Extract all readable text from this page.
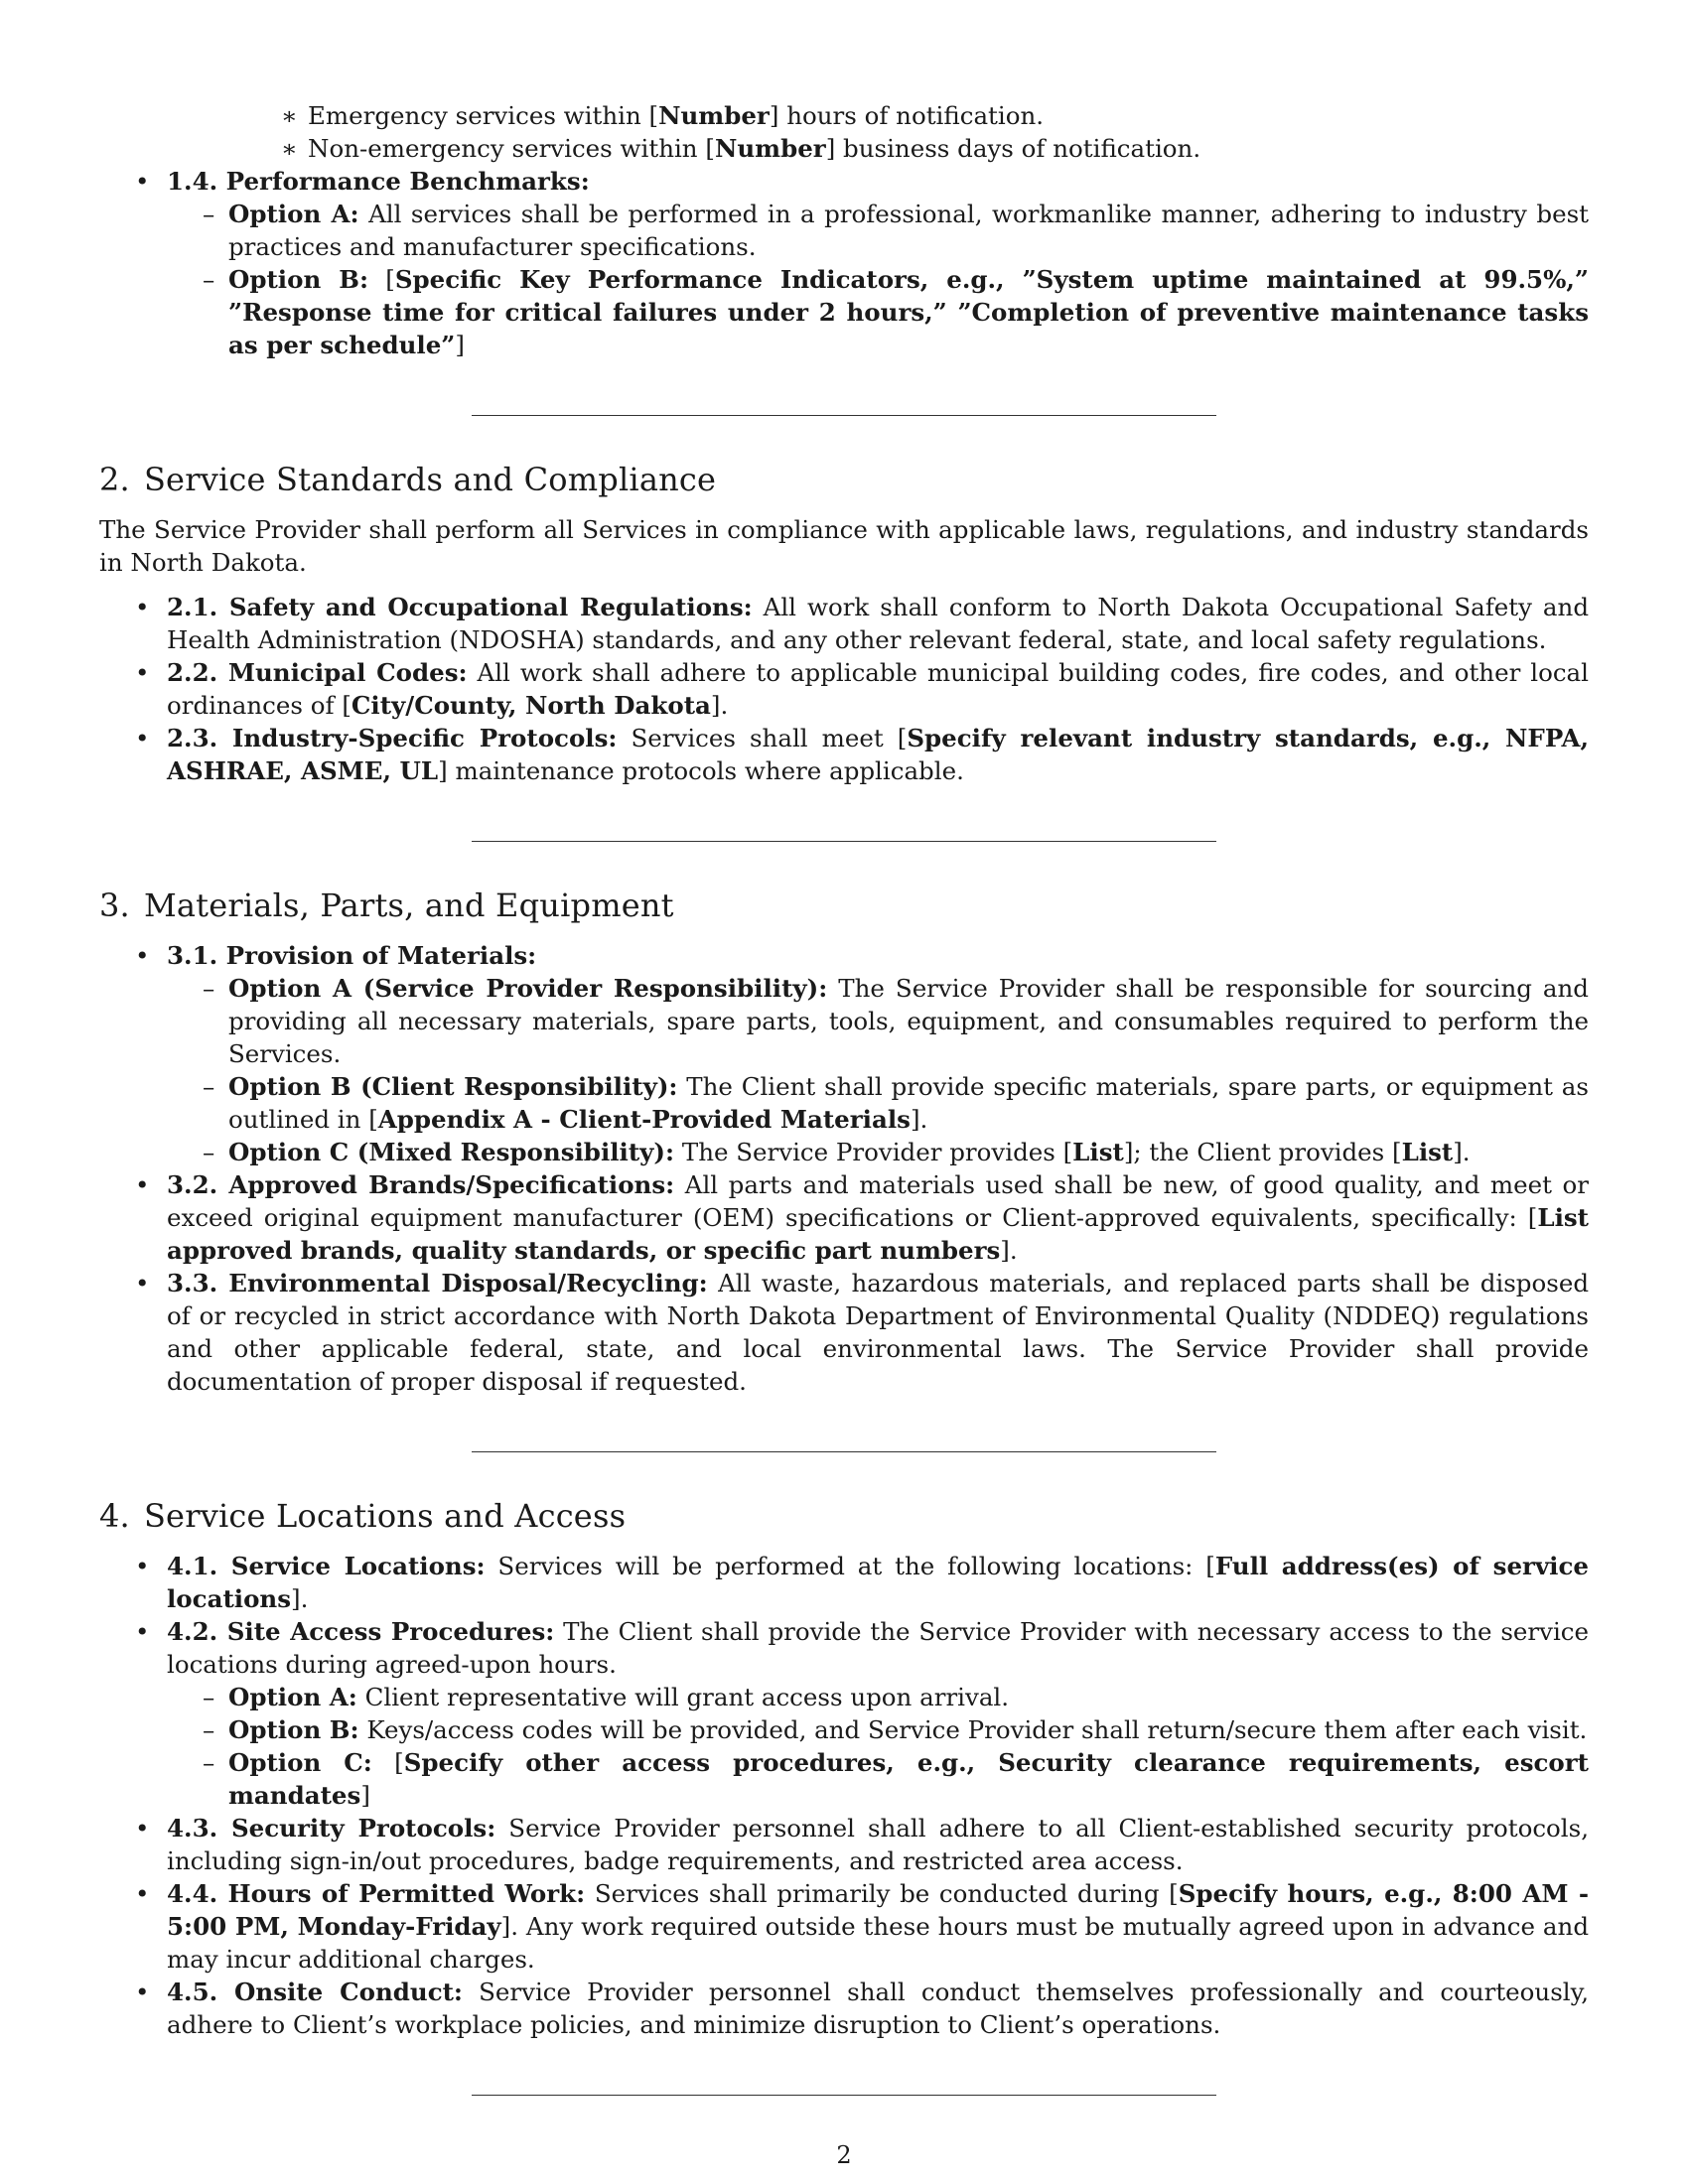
∗ Emergency services within [Number] hours of notification.
∗ Non-emergency services within [Number] business days of notification.
• 1.4. Performance Benchmarks:
– Option A: All services shall be performed in a professional, workmanlike manner, adhering to industry best practices and manufacturer specifications.
– Option B: [Specific Key Performance Indicators, e.g., ”System uptime maintained at 99.5%,” ”Response time for critical failures under 2 hours,” ”Completion of preventive maintenance tasks as per schedule”]
2. Service Standards and Compliance

The Service Provider shall perform all Services in compliance with applicable laws, regulations, and industry standards in North Dakota.

• 2.1. Safety and Occupational Regulations: All work shall conform to North Dakota Occupational Safety and Health Administration (NDOSHA) standards, and any other relevant federal, state, and local safety regulations.
• 2.2. Municipal Codes: All work shall adhere to applicable municipal building codes, fire codes, and other local ordinances of [City/County, North Dakota].
• 2.3. Industry-Specific Protocols: Services shall meet [Specify relevant industry standards, e.g., NFPA, ASHRAE, ASME, UL] maintenance protocols where applicable.
3. Materials, Parts, and Equipment
• 3.1. Provision of Materials:
– Option A (Service Provider Responsibility): The Service Provider shall be responsible for sourcing and providing all necessary materials, spare parts, tools, equipment, and consumables required to perform the Services.
– Option B (Client Responsibility): The Client shall provide specific materials, spare parts, or equipment as outlined in [Appendix A - Client-Provided Materials].
– Option C (Mixed Responsibility): The Service Provider provides [List]; the Client provides [List].
• 3.2. Approved Brands/Specifications: All parts and materials used shall be new, of good quality, and meet or exceed original equipment manufacturer (OEM) specifications or Client-approved equivalents, specifically: [List approved brands, quality standards, or specific part numbers].
• 3.3. Environmental Disposal/Recycling: All waste, hazardous materials, and replaced parts shall be disposed of or recycled in strict accordance with North Dakota Department of Environmental Quality (NDDEQ) regulations and other applicable federal, state, and local environmental laws. The Service Provider shall provide documentation of proper disposal if requested.
4. Service Locations and Access
• 4.1. Service Locations: Services will be performed at the following locations: [Full address(es) of service locations].
• 4.2. Site Access Procedures: The Client shall provide the Service Provider with necessary access to the service locations during agreed-upon hours.
– Option A: Client representative will grant access upon arrival.
– Option B: Keys/access codes will be provided, and Service Provider shall return/secure them after each visit.
– Option C: [Specify other access procedures, e.g., Security clearance requirements, escort mandates]
• 4.3. Security Protocols: Service Provider personnel shall adhere to all Client-established security protocols, including sign-in/out procedures, badge requirements, and restricted area access.
• 4.4. Hours of Permitted Work: Services shall primarily be conducted during [Specify hours, e.g., 8:00 AM - 5:00 PM, Monday-Friday]. Any work required outside these hours must be mutually agreed upon in advance and may incur additional charges.
• 4.5. Onsite Conduct: Service Provider personnel shall conduct themselves professionally and courteously, adhere to Client’s workplace policies, and minimize disruption to Client’s operations.
2
